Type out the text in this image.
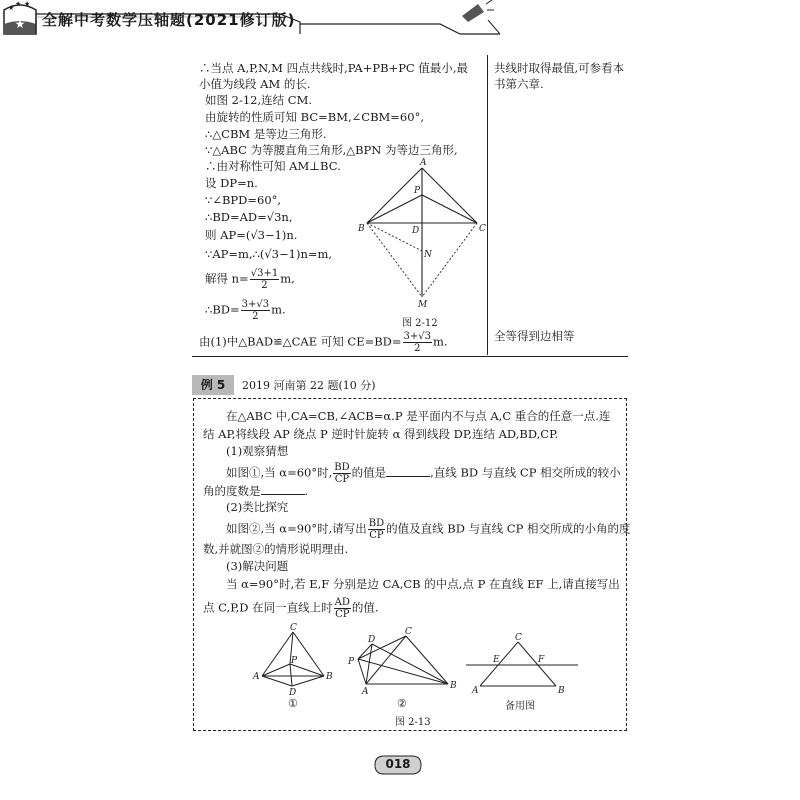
★
★ ★ ★
全解中考数学压轴题(2021修订版)
∴当点 A,P,N,M 四点共线时,PA+PB+PC 值最小,最
小值为线段 AM 的长.
如图 2-12,连结 CM.
由旋转的性质可知 BC=BM,∠CBM=60°,
∴△CBM 是等边三角形.
∵△ABC 为等腰直角三角形,△BPN 为等边三角形,
∴由对称性可知 AM⊥BC.
设 DP=n.
∵∠BPD=60°,
∴BD=AD=√3n,
则 AP=(√3−1)n.
∵AP=m,∴(√3−1)n=m,
解得 $n= \frac{√3+1}{2} m$,
∴BD= $\frac{3+√3}{2} m$.
由(1)中△BAD≌△CAE 可知 $CE=BD= \frac{3+√3}{2} m$.
共线时取得最值,可参看本
书第六章.
全等得到边相等
A
P
B	D	C
N
M
图 2-12
例 5	2019 河南第 22 题(10 分)
在△ABC 中,CA=CB,∠ACB=α.P 是平面内不与点 A,C 重合的任意一点.连
结 AP,将线段 AP 绕点 P 逆时针旋转 α 得到线段 DP,连结 AD,BD,CP.
(1)观察猜想
如图①,当 α=60°时, $\frac{BD}{CP}$ 的值是	,直线 BD 与直线 CP 相交所成的较小
角的度数是	.
(2)类比探究
如图②,当 α=90°时,请写出 $\frac{BD}{CP}$ 的值及直线 BD 与直线 CP 相交所成的小角的度
数,并就图②的情形说明理由.
(3)解决问题
当 α=90°时,若 E,F 分别是边 CA,CB 的中点,点 P 在直线 EF 上,请直接写出
点 C,P,D 在同一直线上时 $\frac{AD}{CP}$ 的值.
C
P
A	B
D
①
D
C
P
A
B
②
C
E	F
A	B
备用图
图 2-13
018
